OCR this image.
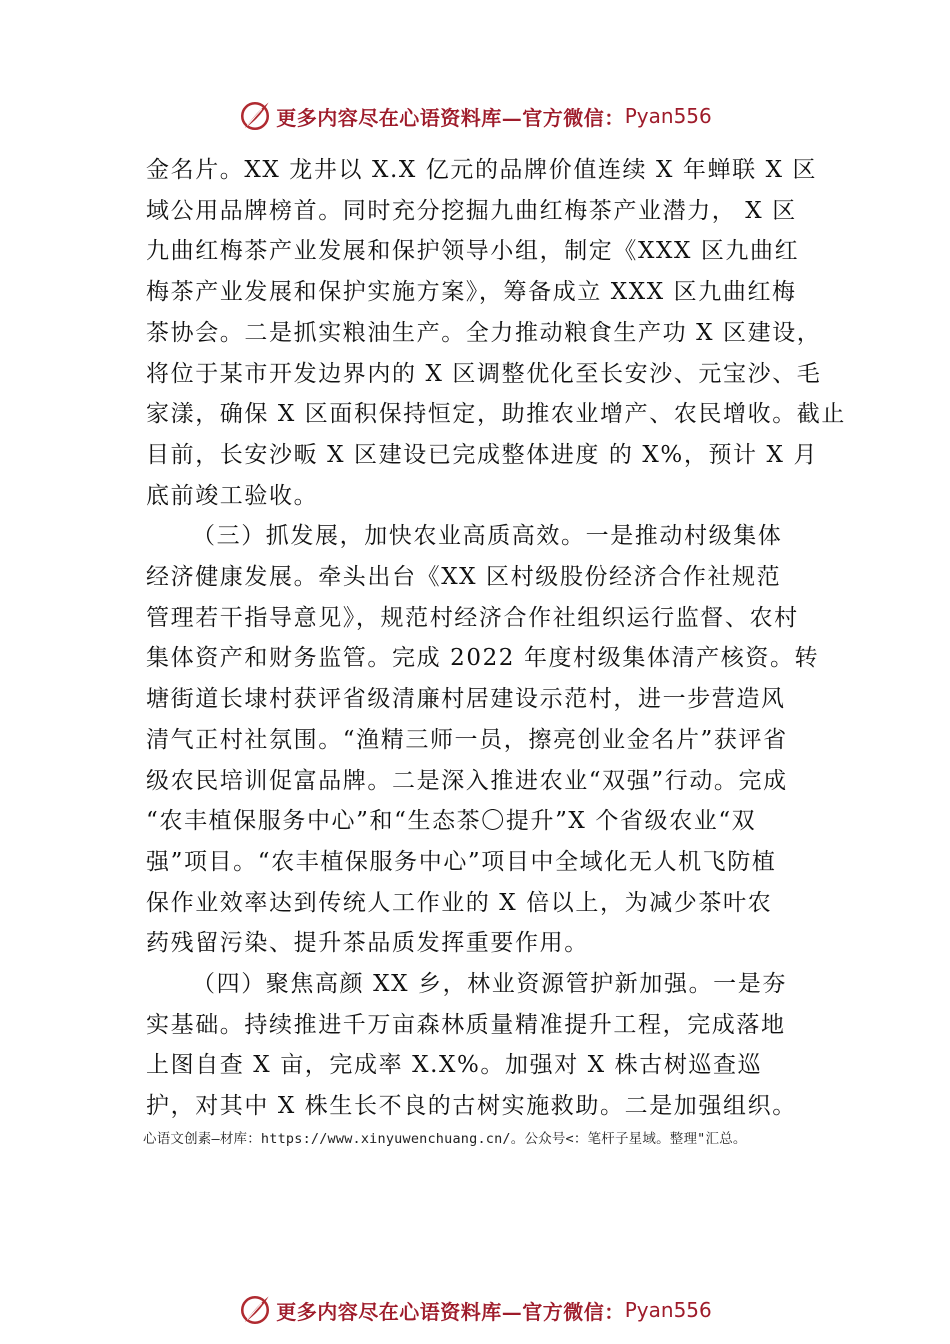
更多内容尽在心语资料库—官方微信： Pyan556

金名片。XX 龙井以 X.X 亿元的品牌价值连续 X 年蝉联 X 区

域公用品牌榜首。同时充分挖掘九曲红梅茶产业潜力， X 区

九曲红梅茶产业发展和保护领导小组，制定《XXX 区九曲红

梅茶产业发展和保护实施方案》，筹备成立 XXX 区九曲红梅

茶协会。二是抓实粮油生产。全力推动粮食生产功 X 区建设，

将位于某市开发边界内的 X 区调整优化至长安沙、元宝沙、毛

家漾，确保 X 区面积保持恒定，助推农业增产、农民增收。截止

目前，长安沙畈 X 区建设已完成整体进度 的 X%，预计 X 月

底前竣工验收。

（三）抓发展，加快农业高质高效。一是推动村级集体

经济健康发展。牵头出台《XX 区村级股份经济合作社规范

管理若干指导意见》，规范村经济合作社组织运行监督、农村

集体资产和财务监管。完成 2022 年度村级集体清产核资。转

塘街道长埭村获评省级清廉村居建设示范村，进一步营造风

清气正村社氛围。“渔精三师一员，擦亮创业金名片”获评省

级农民培训促富品牌。二是深入推进农业“双强”行动。完成

“农丰植保服务中心”和“生态茶〇提升”X 个省级农业“双

强”项目。“农丰植保服务中心”项目中全域化无人机飞防植

保作业效率达到传统人工作业的 X 倍以上，为减少茶叶农

药残留污染、提升茶品质发挥重要作用。

（四）聚焦高颜 XX 乡，林业资源管护新加强。一是夯

实基础。持续推进千万亩森林质量精准提升工程，完成落地

上图自查 X 亩，完成率 X.X%。加强对 X 株古树巡查巡

护，对其中 X 株生长不良的古树实施救助。二是加强组织。

心语文创素—材库：https://www.xinyuwenchuang.cn/。公众号<：笔杆子星域。整理"汇总。
更多内容尽在心语资料库—官方微信： Pyan556
